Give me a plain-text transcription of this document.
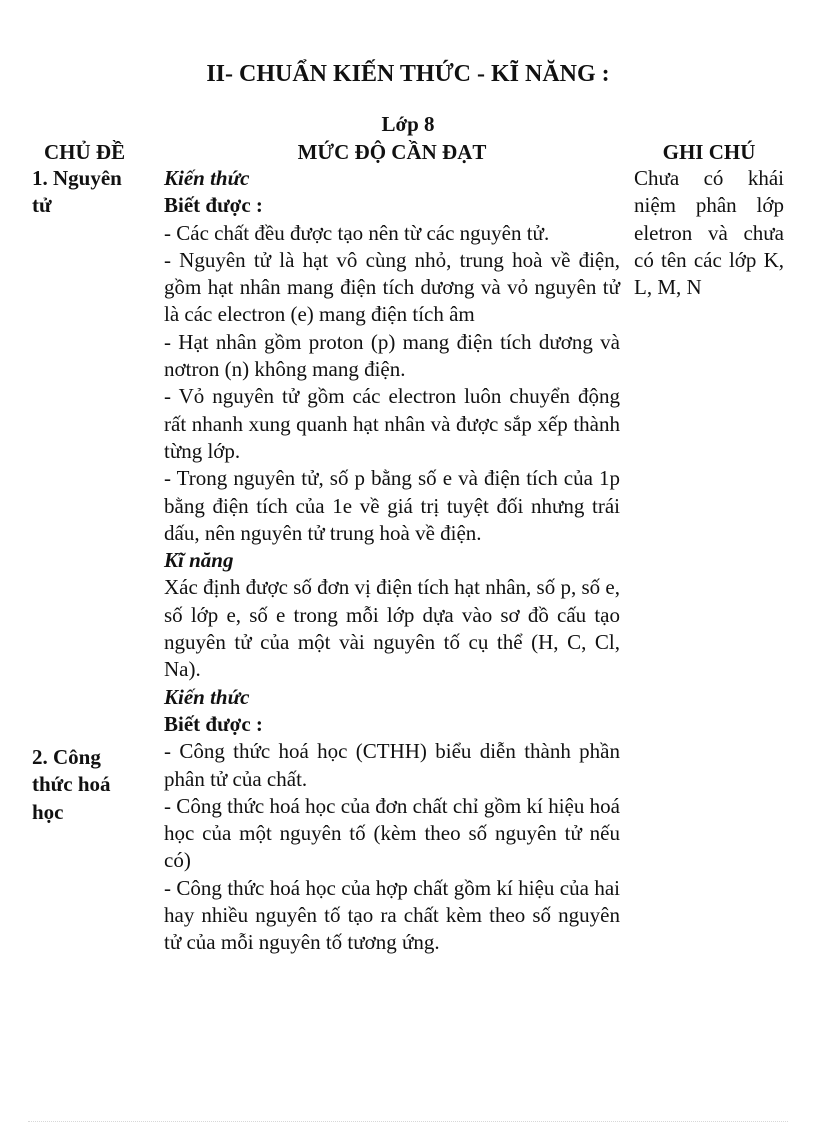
II- CHUẨN KIẾN THỨC - KĨ NĂNG :
Lớp 8
CHỦ ĐỀ	MỨC ĐỘ CẦN ĐẠT	GHI CHÚ
1. Nguyên tử
2. Công thức hoá học

Kiến thức

Biết được :

- Các chất đều được tạo nên từ các nguyên tử.

- Nguyên tử là hạt vô cùng nhỏ, trung hoà về điện, gồm hạt nhân mang điện tích dương và vỏ nguyên tử là các electron (e) mang điện tích âm

- Hạt nhân gồm proton (p) mang điện tích dương và nơtron (n) không mang điện.

- Vỏ nguyên tử gồm các electron luôn chuyển động rất nhanh xung quanh hạt nhân và được sắp xếp thành từng lớp.

- Trong nguyên tử, số p bằng số e và điện tích của 1p bằng điện tích của 1e về giá trị tuyệt đối nhưng trái dấu, nên nguyên tử trung hoà về điện.

Kĩ năng

Xác định được số đơn vị điện tích hạt nhân, số p, số e, số lớp e, số e trong mỗi lớp dựa vào sơ đồ cấu tạo nguyên tử của một vài nguyên tố cụ thể (H, C, Cl, Na).

Kiến thức

Biết được :

- Công thức hoá học (CTHH) biểu diễn thành phần phân tử của chất.

- Công thức hoá học của đơn chất chỉ gồm kí hiệu hoá học của một nguyên tố (kèm theo số nguyên tử nếu có)

- Công thức hoá học của hợp chất gồm kí hiệu của hai hay nhiều nguyên tố tạo ra chất kèm theo số nguyên tử của mỗi nguyên tố tương ứng.

Chưa có khái niệm phân lớp eletron và chưa có tên các lớp K, L, M, N
